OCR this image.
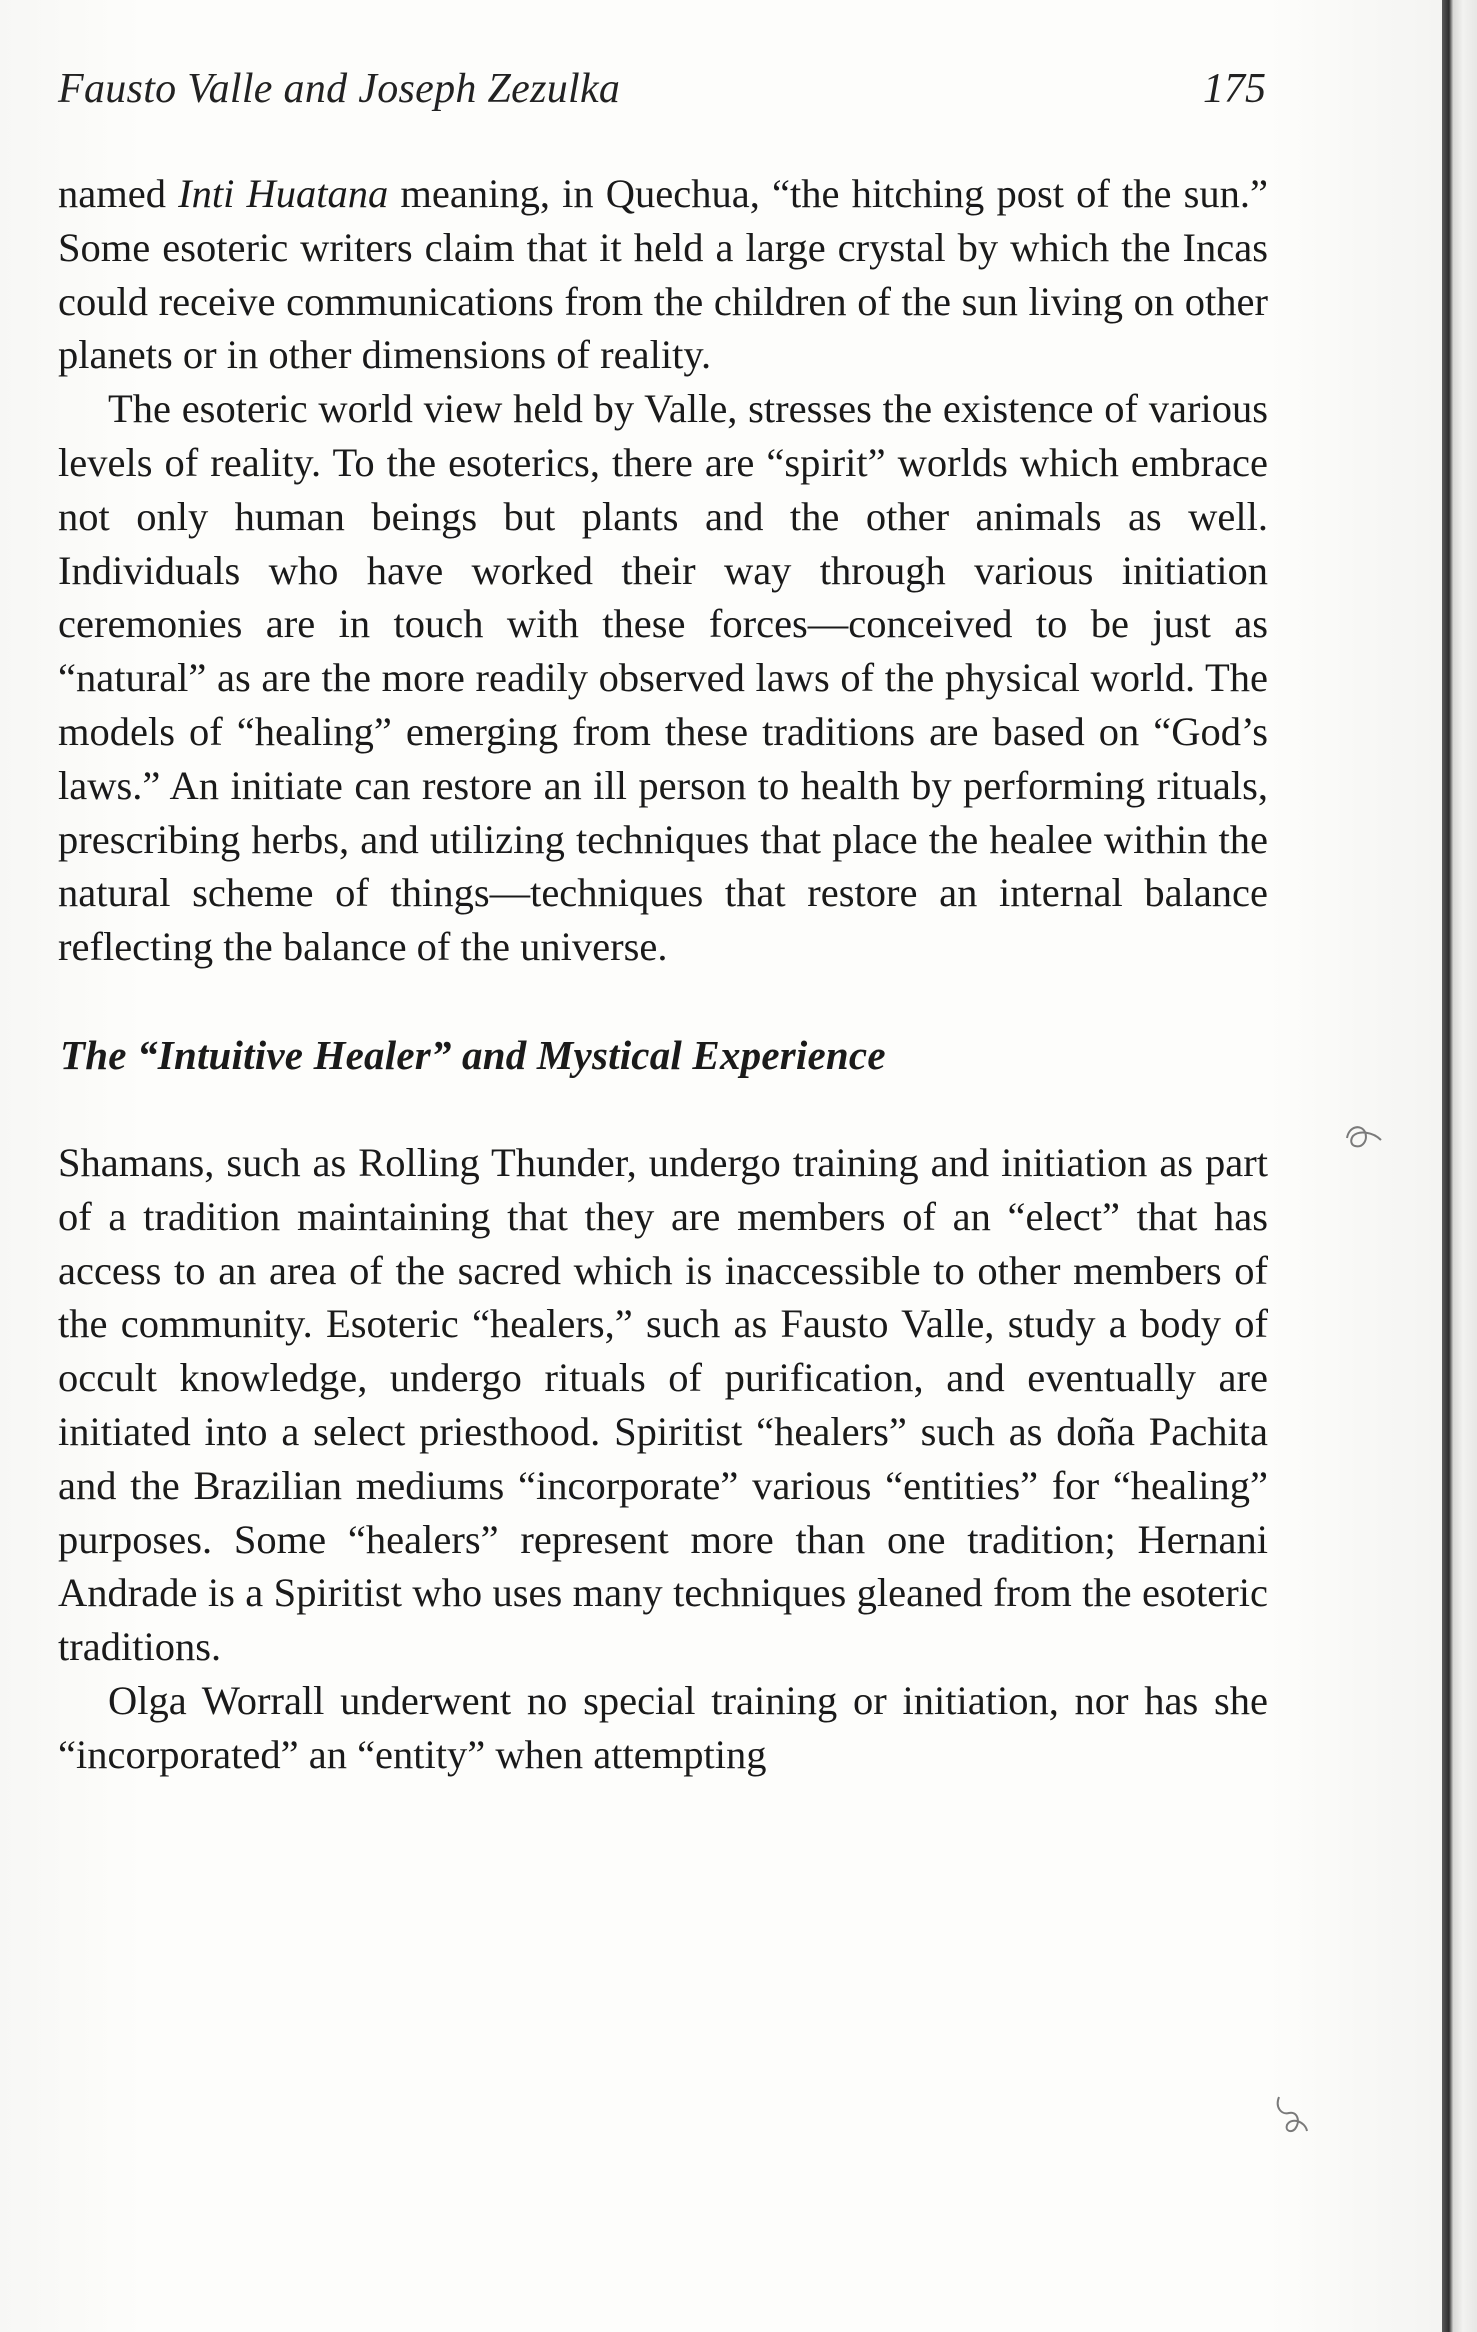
Fausto Valle and Joseph Zezulka	175

named Inti Huatana meaning, in Quechua, “the hitching post of the sun.” Some esoteric writers claim that it held a large crystal by which the Incas could receive communications from the children of the sun living on other planets or in other dimensions of reality.

The esoteric world view held by Valle, stresses the existence of various levels of reality. To the esoterics, there are “spirit” worlds which embrace not only human beings but plants and the other animals as well. Individuals who have worked their way through various initiation ceremonies are in touch with these forces—conceived to be just as “natural” as are the more readily observed laws of the physical world. The models of “healing” emerging from these traditions are based on “God’s laws.” An initiate can restore an ill person to health by performing rituals, prescribing herbs, and utilizing techniques that place the healee within the natural scheme of things—techniques that restore an internal balance reflecting the balance of the universe.

The “Intuitive Healer” and Mystical Experience

Shamans, such as Rolling Thunder, undergo training and initiation as part of a tradition maintaining that they are members of an “elect” that has access to an area of the sacred which is inaccessible to other members of the community. Esoteric “healers,” such as Fausto Valle, study a body of occult knowledge, undergo rituals of purification, and eventually are initiated into a select priesthood. Spiritist “healers” such as doña Pachita and the Brazilian mediums “incorporate” various “entities” for “healing” purposes. Some “healers” represent more than one tradition; Hernani Andrade is a Spiritist who uses many techniques gleaned from the esoteric traditions.

Olga Worrall underwent no special training or initiation, nor has she “incorporated” an “entity” when attempting
